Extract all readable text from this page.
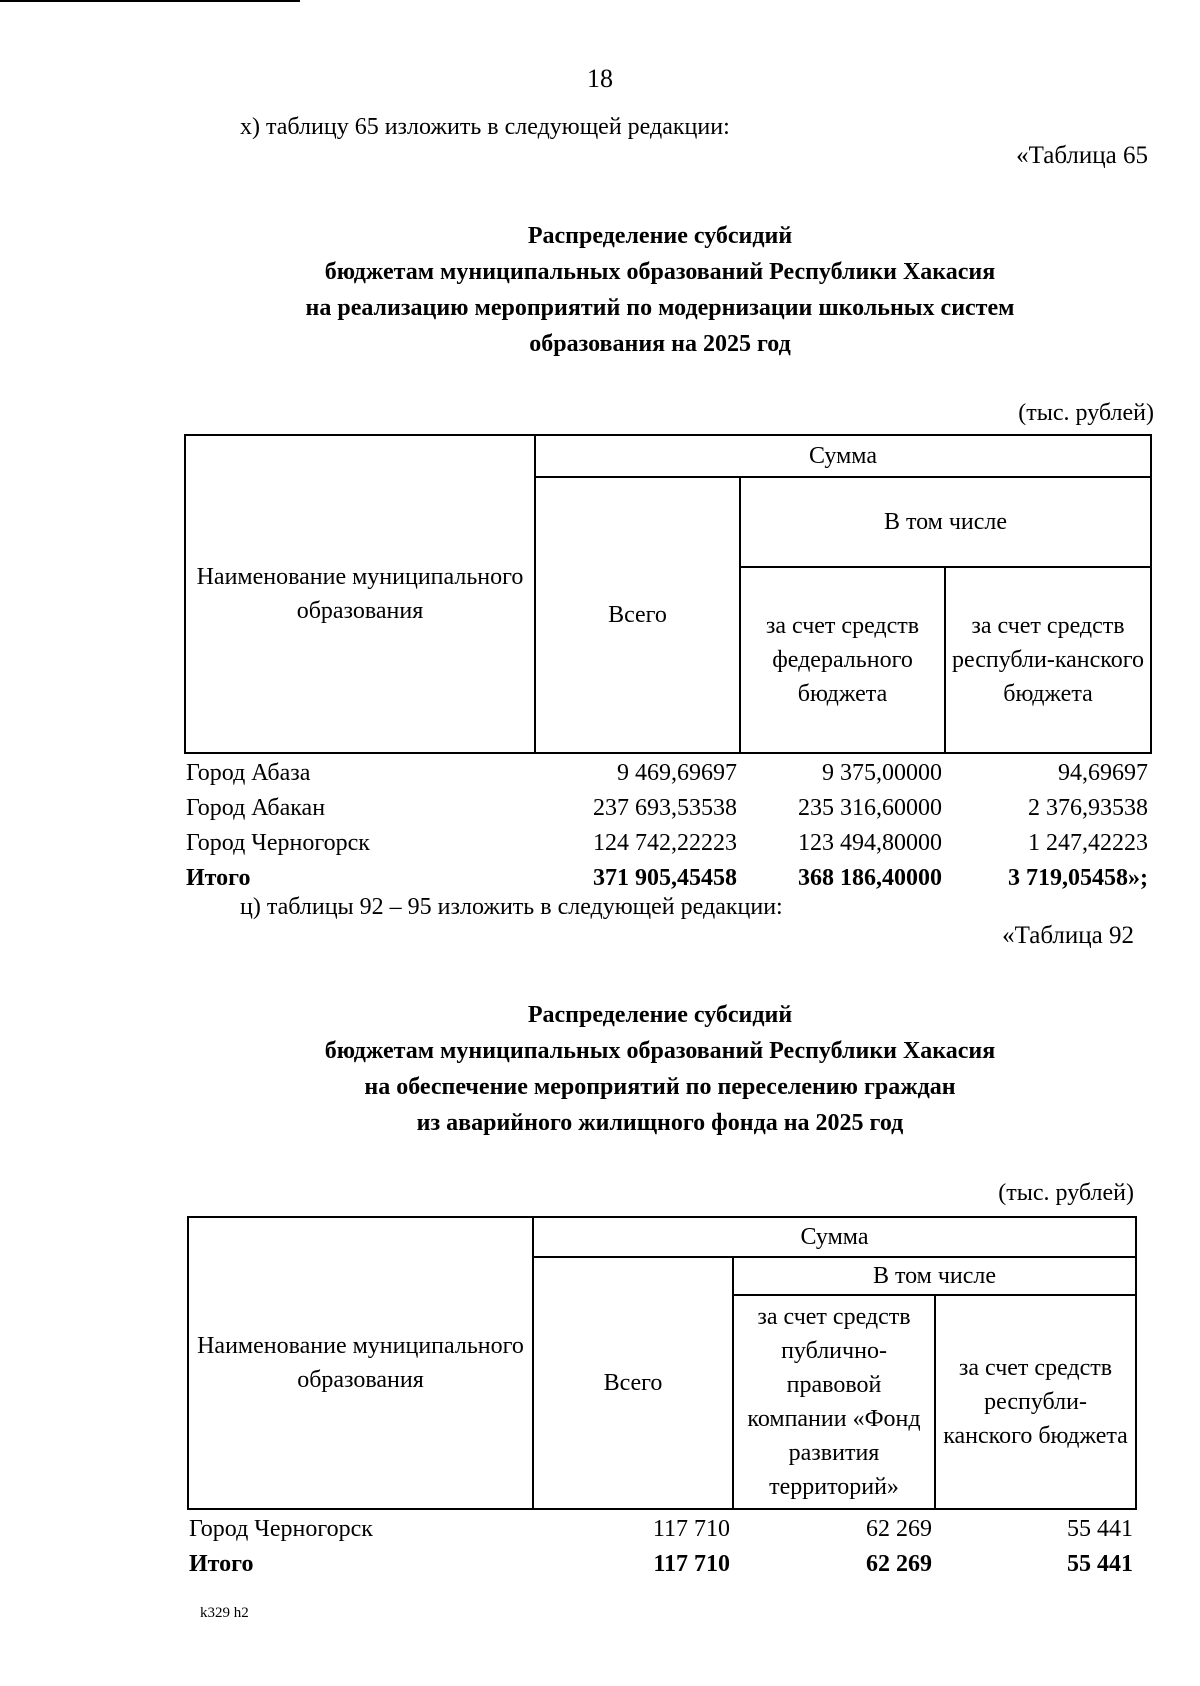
18
х) таблицу 65 изложить в следующей редакции:
«Таблица 65
Распределение субсидий
бюджетам муниципальных образований Республики Хакасия
на реализацию мероприятий по модернизации школьных систем
образования на 2025 год
(тыс. рублей)
Наименование муниципального образования	Сумма		
	Всего	В том числе	
		за счет средств федерального бюджета	за счет средств республи-канского бюджета
Город Абаза	9 469,69697	9 375,00000	94,69697
Город Абакан	237 693,53538	235 316,60000	2 376,93538
Город Черногорск	124 742,22223	123 494,80000	1 247,42223
Итого	371 905,45458	368 186,40000	3 719,05458»;
ц) таблицы 92 – 95 изложить в следующей редакции:
«Таблица 92
Распределение субсидий
бюджетам муниципальных образований Республики Хакасия
на обеспечение мероприятий по переселению граждан
из аварийного жилищного фонда на 2025 год
(тыс. рублей)
Наименование муниципального образования	Сумма		
	Всего	В том числе	
		за счет средств публично-правовой компании «Фонд развития территорий»	за счет средств республи-канского бюджета
Город Черногорск	117 710	62 269	55 441
Итого	117 710	62 269	55 441
k329 h2
